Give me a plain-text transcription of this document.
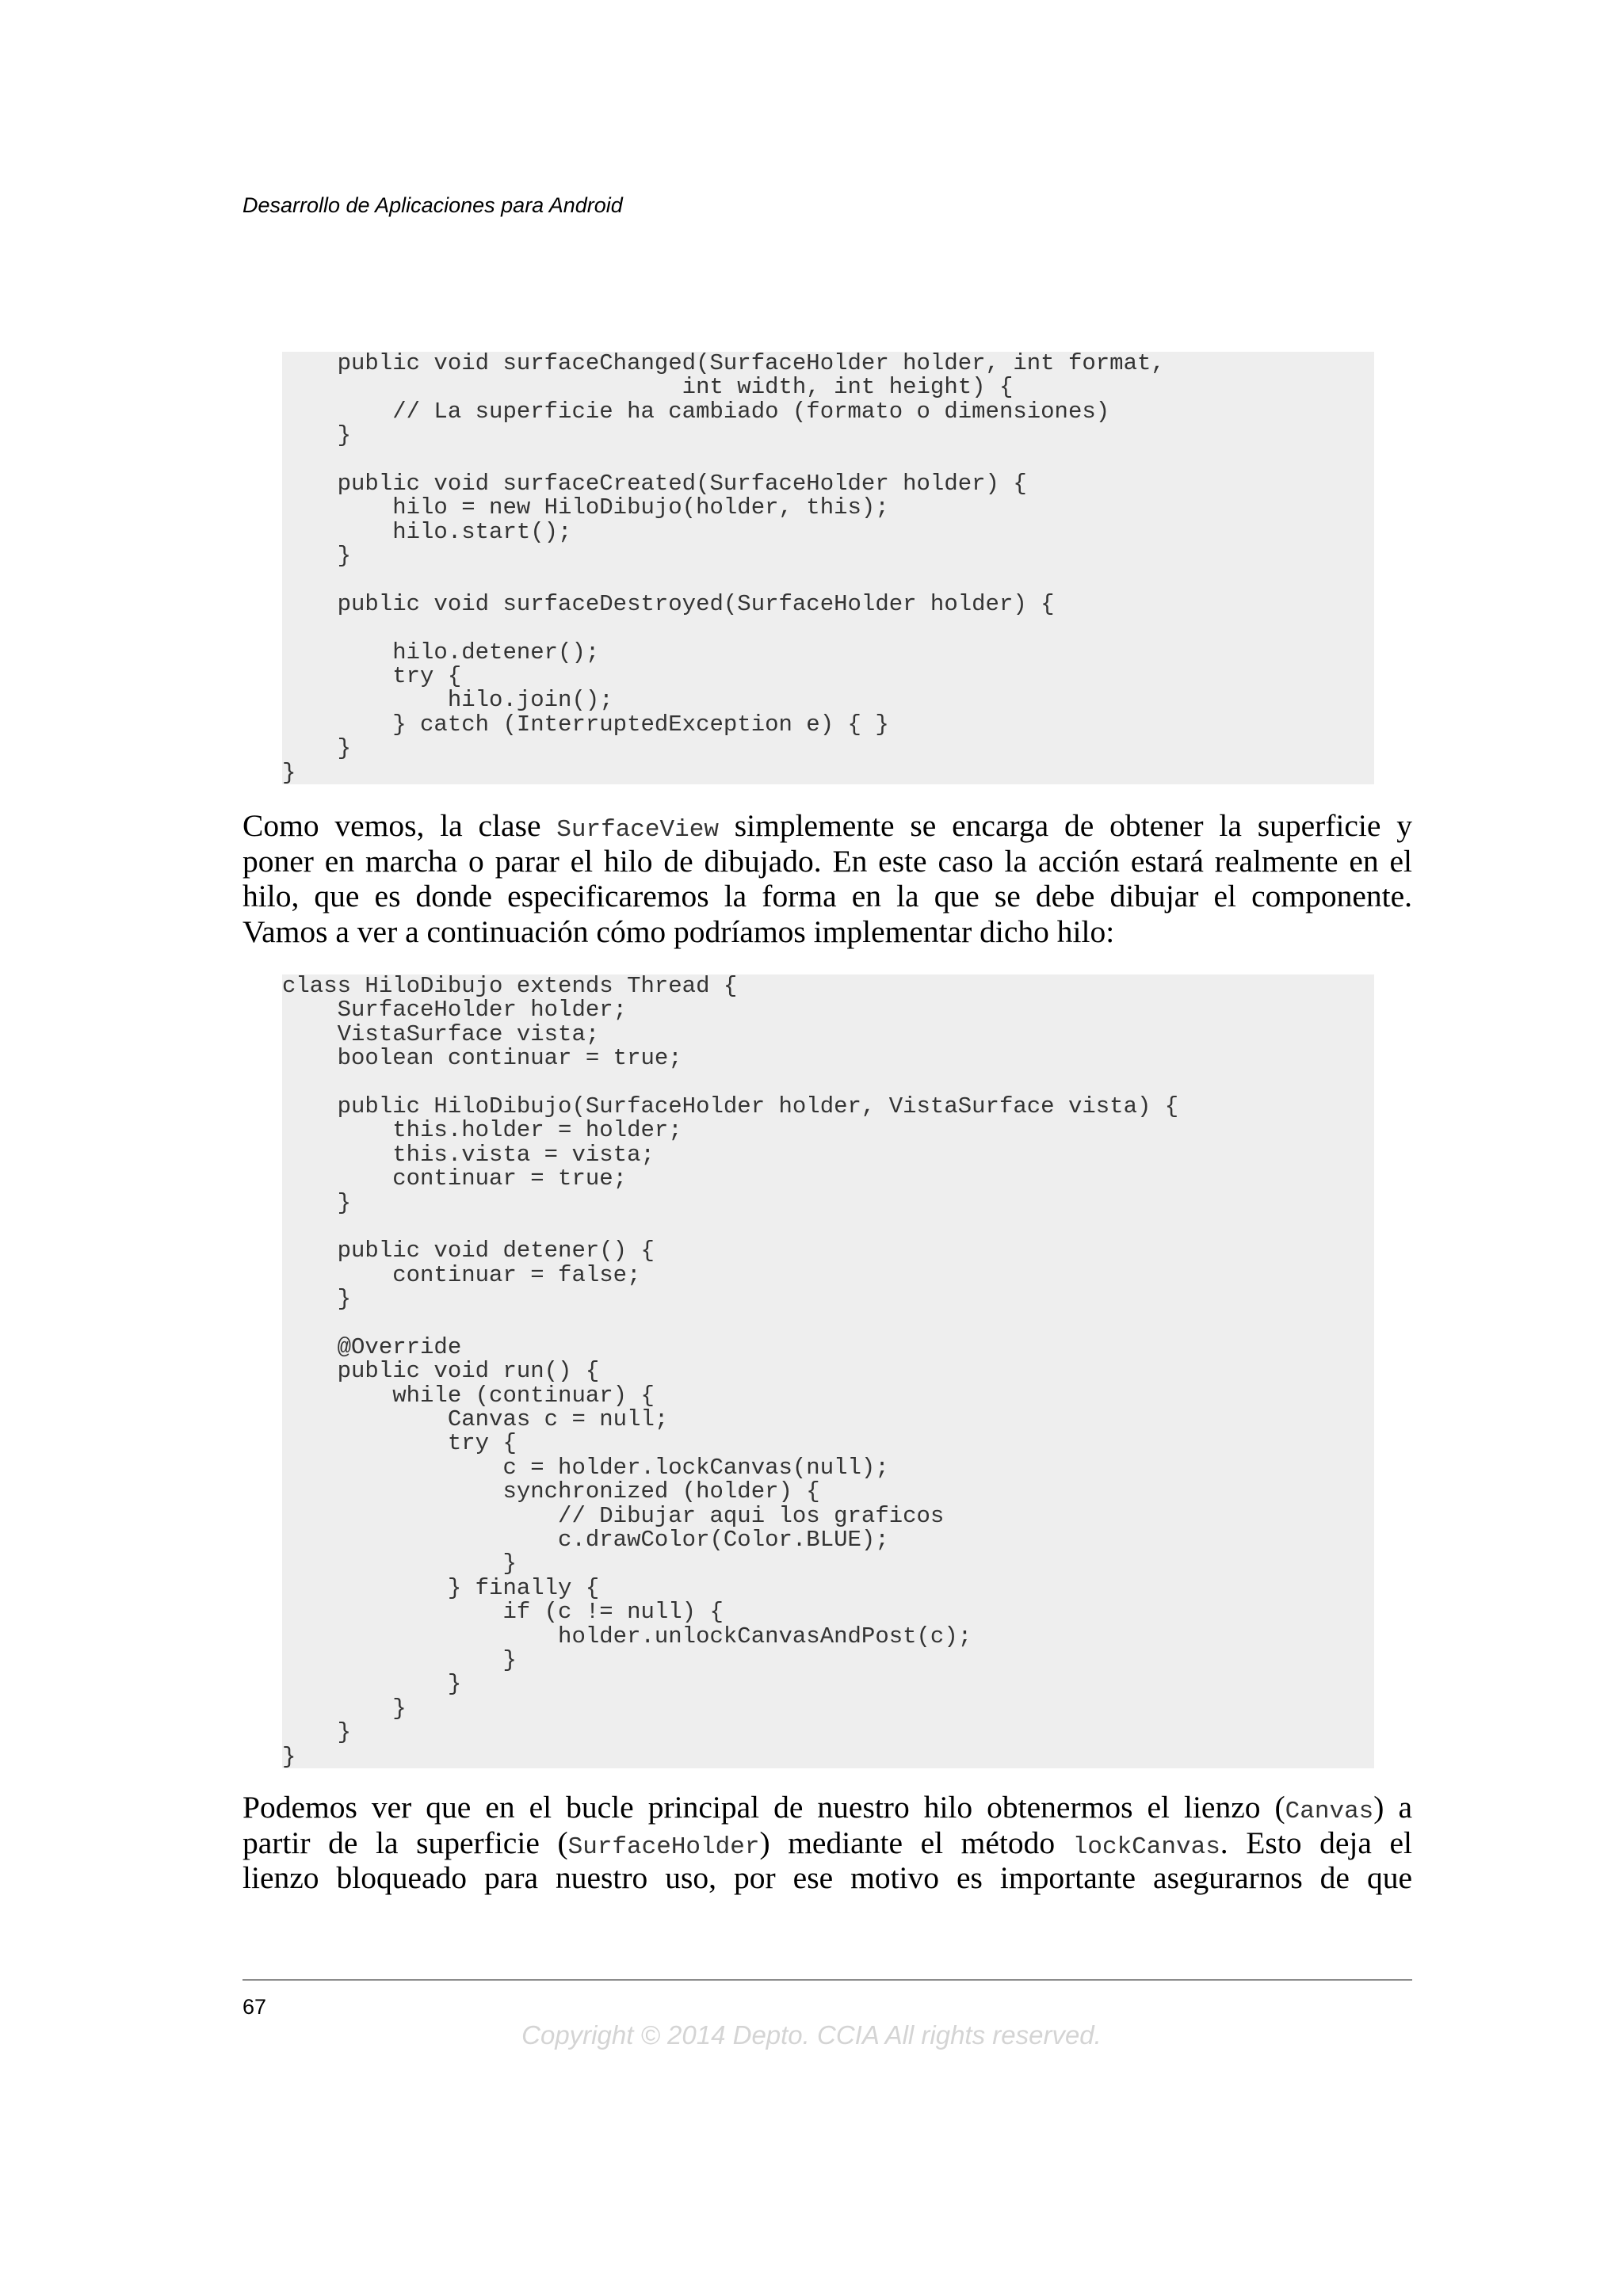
Desarrollo de Aplicaciones para Android
public void surfaceChanged(SurfaceHolder holder, int format,
int width, int height) {
// La superficie ha cambiado (formato o dimensiones)
}

public void surfaceCreated(SurfaceHolder holder) {
hilo = new HiloDibujo(holder, this);
hilo.start();
}

public void surfaceDestroyed(SurfaceHolder holder) {

hilo.detener();
try {
hilo.join();
} catch (InterruptedException e) { }
}
}
Como vemos, la clase SurfaceView simplemente se encarga de obtener la superficie y
poner en marcha o parar el hilo de dibujado. En este caso la acción estará realmente en el
hilo, que es donde especificaremos la forma en la que se debe dibujar el componente.
Vamos a ver a continuación cómo podríamos implementar dicho hilo:
class HiloDibujo extends Thread {
SurfaceHolder holder;
VistaSurface vista;
boolean continuar = true;

public HiloDibujo(SurfaceHolder holder, VistaSurface vista) {
this.holder = holder;
this.vista = vista;
continuar = true;
}

public void detener() {
continuar = false;
}

@Override
public void run() {
while (continuar) {
Canvas c = null;
try {
c = holder.lockCanvas(null);
synchronized (holder) {
// Dibujar aqui los graficos
c.drawColor(Color.BLUE);
}
} finally {
if (c != null) {
holder.unlockCanvasAndPost(c);
}
}
}
}
}
Podemos ver que en el bucle principal de nuestro hilo obtenermos el lienzo (Canvas) a
partir de la superficie (SurfaceHolder) mediante el método lockCanvas. Esto deja el
lienzo bloqueado para nuestro uso, por ese motivo es importante asegurarnos de que
67
Copyright © 2014 Depto. CCIA All rights reserved.
